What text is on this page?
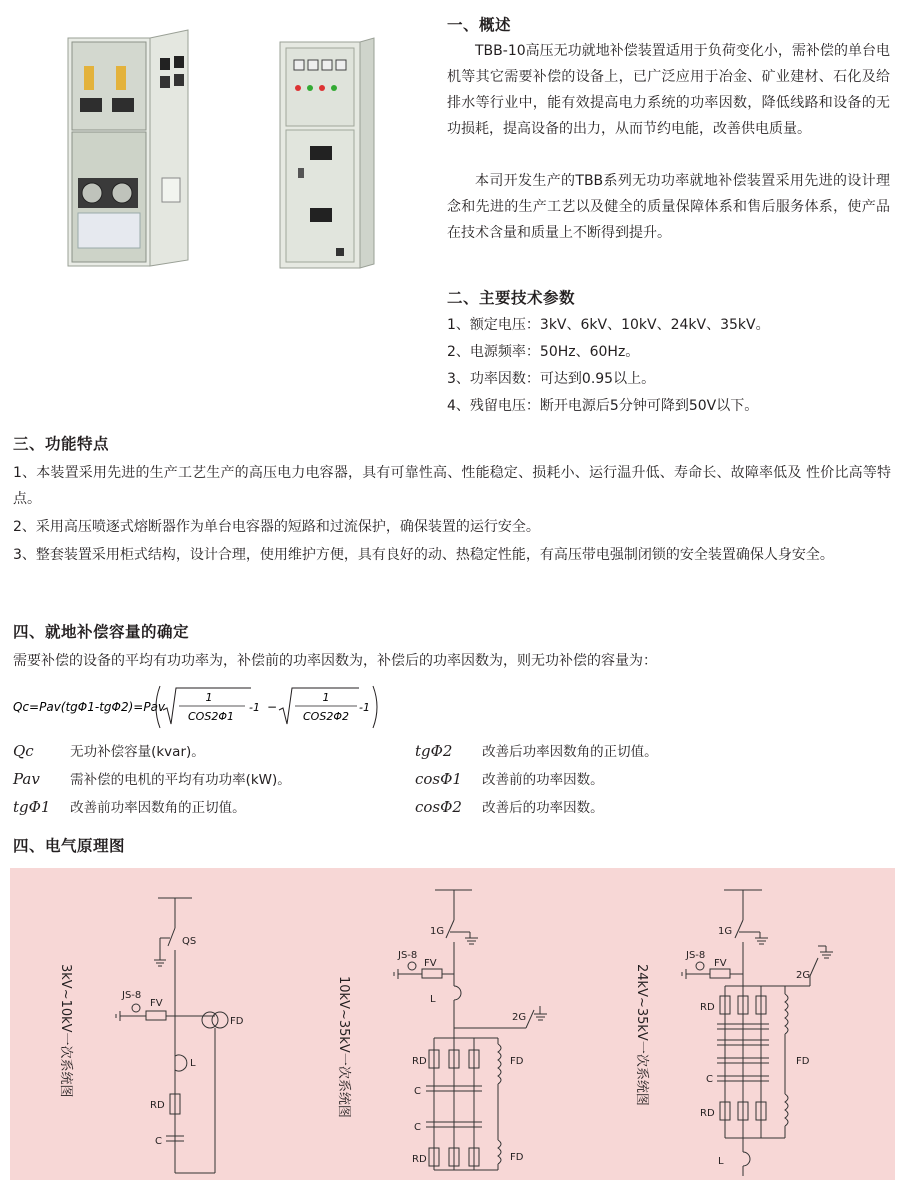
一、概述

TBB-10高压无功就地补偿装置适用于负荷变化小，需补偿的单台电机等其它需要补偿的设备上，已广泛应用于冶金、矿业建材、石化及给排水等行业中，能有效提高电力系统的功率因数，降低线路和设备的无功损耗，提高设备的出力，从而节约电能，改善供电质量。

本司开发生产的TBB系列无功功率就地补偿装置采用先进的设计理念和先进的生产工艺以及健全的质量保障体系和售后服务体系，使产品在技术含量和质量上不断得到提升。

二、主要技术参数

1、额定电压：3kV、6kV、10kV、24kV、35kV。

2、电源频率：50Hz、60Hz。

3、功率因数：可达到0.95以上。

4、残留电压：断开电源后5分钟可降到50V以下。

三、功能特点

1、本装置采用先进的生产工艺生产的高压电力电容器，具有可靠性高、性能稳定、损耗小、运行温升低、寿命长、故障率低及 性价比高等特点。

2、采用高压喷逐式熔断器作为单台电容器的短路和过流保护，确保装置的运行安全。

3、整套装置采用柜式结构，设计合理，使用维护方便，具有良好的动、热稳定性能，有高压带电强制闭锁的安全装置确保人身安全。

四、就地补偿容量的确定

需要补偿的设备的平均有功功率为，补偿前的功率因数为，补偿后的功率因数为，则无功补偿的容量为：

Qc=Pav(tgΦ1-tgΦ2)=Pav
1
COS2Φ1
-1 −
1
COS2Φ2
-1
Qc	无功补偿容量(kvar)。
Pav 需补偿的电机的平均有功功率(kW)。
tgΦ1 改善前功率因数角的正切值。
tgΦ2 改善后功率因数角的正切值。
cosΦ1 改善前的功率因数。
cosΦ2 改善后的功率因数。
四、电气原理图
3kV~10kV一次系统图
QS
JS-8
FV
FD
L
RD
C
10kV~35kV一次系统图
1G
JS-8
FV
L
RD
C
C
RD
FD
FD
2G	24kV~35kV一次系统图
1G
JS-8
FV
RD
C
RD
FD
2G
L
